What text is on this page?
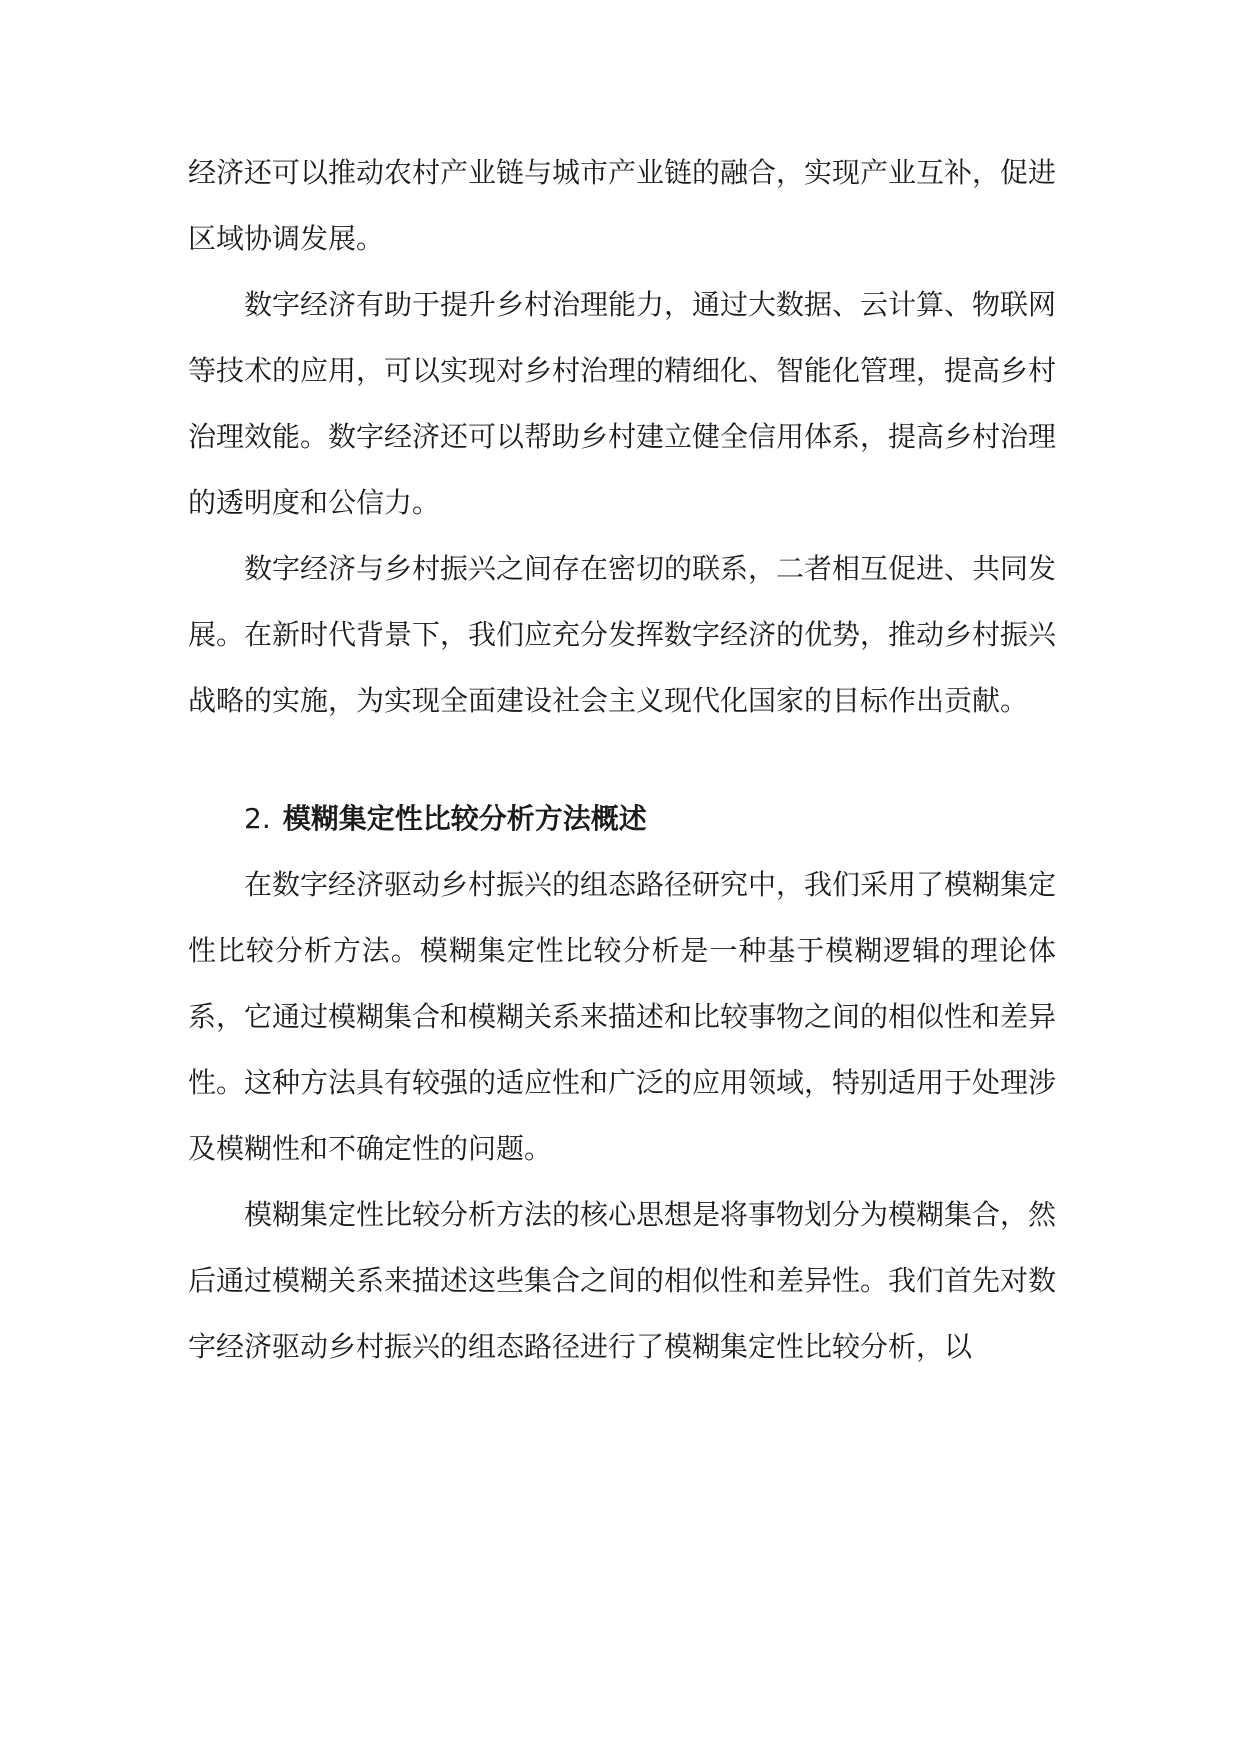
经济还可以推动农村产业链与城市产业链的融合，实现产业互补，促进区域协调发展。

数字经济有助于提升乡村治理能力，通过大数据、云计算、物联网等技术的应用，可以实现对乡村治理的精细化、智能化管理，提高乡村治理效能。数字经济还可以帮助乡村建立健全信用体系，提高乡村治理的透明度和公信力。

数字经济与乡村振兴之间存在密切的联系，二者相互促进、共同发展。在新时代背景下，我们应充分发挥数字经济的优势，推动乡村振兴战略的实施，为实现全面建设社会主义现代化国家的目标作出贡献。

2. 模糊集定性比较分析方法概述

在数字经济驱动乡村振兴的组态路径研究中，我们采用了模糊集定性比较分析方法。模糊集定性比较分析是一种基于模糊逻辑的理论体系，它通过模糊集合和模糊关系来描述和比较事物之间的相似性和差异性。这种方法具有较强的适应性和广泛的应用领域，特别适用于处理涉及模糊性和不确定性的问题。

模糊集定性比较分析方法的核心思想是将事物划分为模糊集合，然后通过模糊关系来描述这些集合之间的相似性和差异性。我们首先对数字经济驱动乡村振兴的组态路径进行了模糊集定性比较分析，以
